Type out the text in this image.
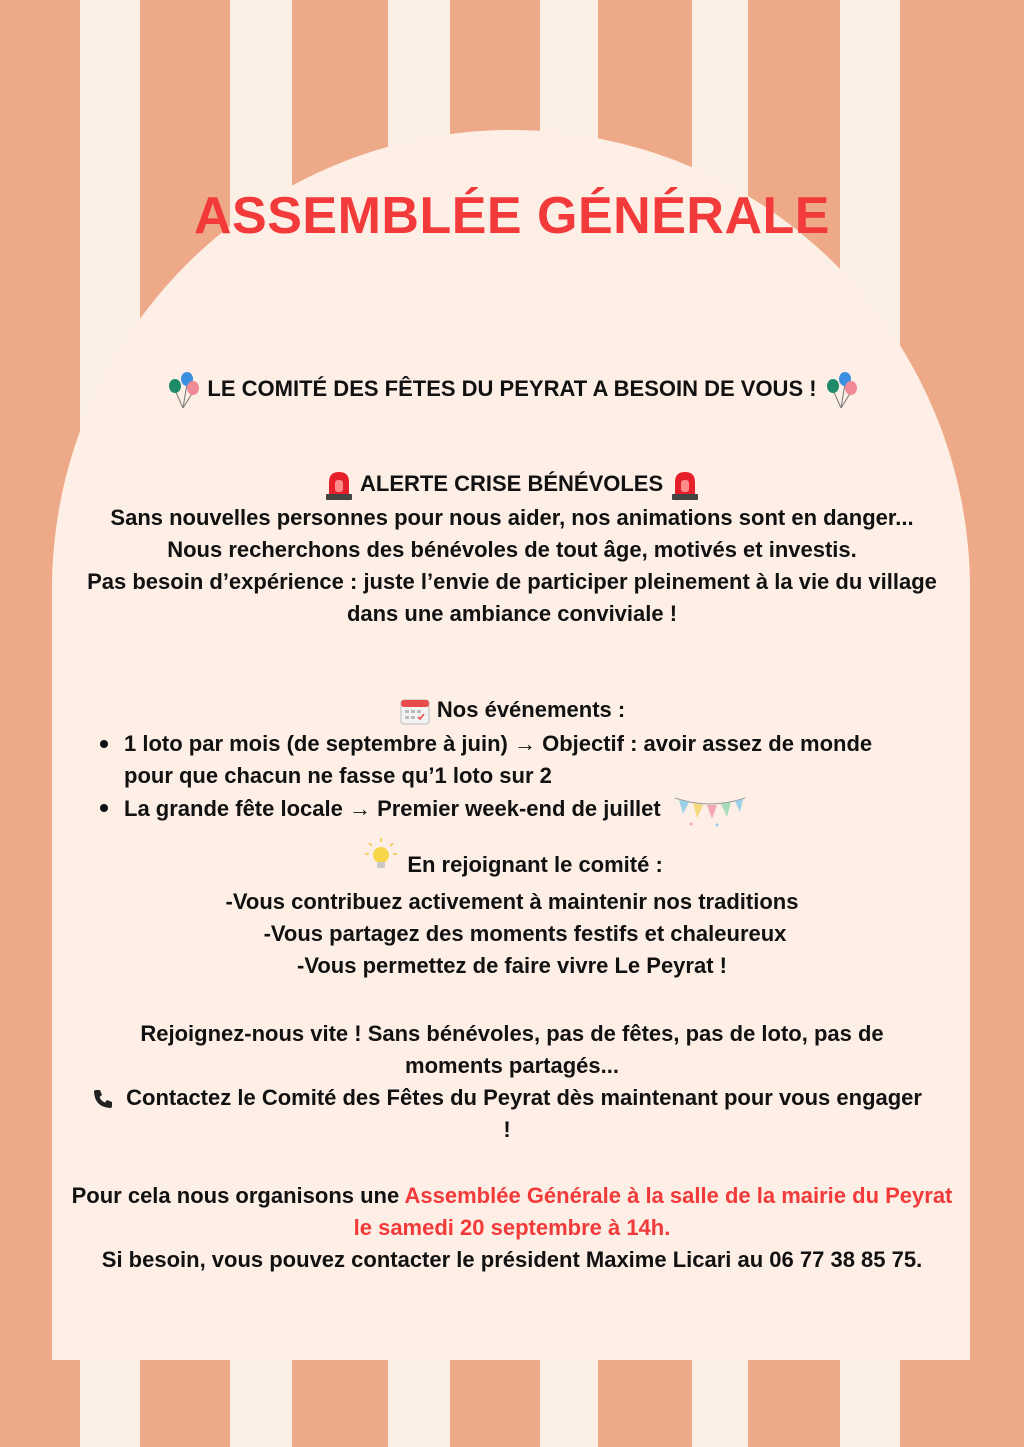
ASSEMBLÉE GÉNÉRALE
LE COMITÉ DES FÊTES DU PEYRAT A BESOIN DE VOUS !
ALERTE CRISE BÉNÉVOLES
Sans nouvelles personnes pour nous aider, nos animations sont en danger...
Nous recherchons des bénévoles de tout âge, motivés et investis.
Pas besoin d’expérience : juste l’envie de participer pleinement à la vie du village dans une ambiance conviviale !
Nos événements :
1 loto par mois (de septembre à juin) → Objectif : avoir assez de monde pour que chacun ne fasse qu’1 loto sur 2
La grande fête locale → Premier week-end de juillet
En rejoignant le comité :
-Vous contribuez activement à maintenir nos traditions
-Vous partagez des moments festifs et chaleureux
-Vous permettez de faire vivre Le Peyrat !
Rejoignez-nous vite ! Sans bénévoles, pas de fêtes, pas de loto, pas de moments partagés...
Contactez le Comité des Fêtes du Peyrat dès maintenant pour vous engager !
Pour cela nous organisons une Assemblée Générale à la salle de la mairie du Peyrat le samedi 20 septembre à 14h.
Si besoin, vous pouvez contacter le président Maxime Licari au 06 77 38 85 75.
